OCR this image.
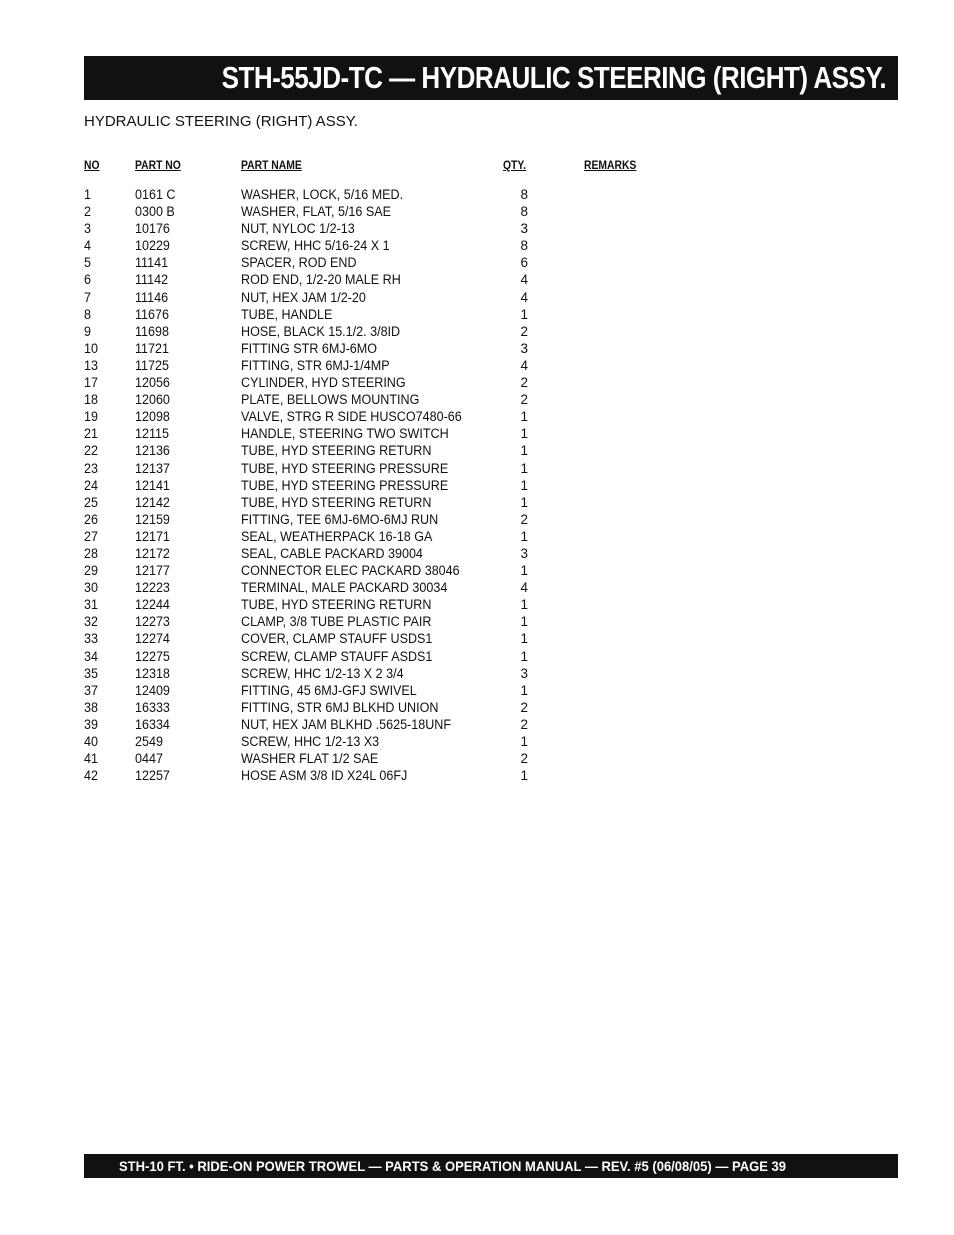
STH-55JD-TC — HYDRAULIC STEERING (RIGHT) ASSY.
HYDRAULIC STEERING (RIGHT) ASSY.
NO	PART NO	PART NAME	QTY.	REMARKS
1	0161 C	WASHER, LOCK, 5/16 MED.	8
2	0300 B	WASHER, FLAT, 5/16 SAE	8
3	10176	NUT, NYLOC 1/2-13	3
4	10229	SCREW, HHC 5/16-24 X 1	8
5	11141	SPACER, ROD END	6
6	11142	ROD END, 1/2-20 MALE RH	4
7	11146	NUT, HEX JAM 1/2-20	4
8	11676	TUBE, HANDLE	1
9	11698	HOSE, BLACK 15.1/2. 3/8ID	2
10	11721	FITTING STR 6MJ-6MO	3
13	11725	FITTING, STR 6MJ-1/4MP	4
17	12056	CYLINDER, HYD STEERING	2
18	12060	PLATE, BELLOWS MOUNTING	2
19	12098	VALVE, STRG R SIDE HUSCO7480-66	1
21	12115	HANDLE, STEERING TWO SWITCH	1
22	12136	TUBE, HYD STEERING RETURN	1
23	12137	TUBE, HYD STEERING PRESSURE	1
24	12141	TUBE, HYD STEERING PRESSURE	1
25	12142	TUBE, HYD STEERING RETURN	1
26	12159	FITTING, TEE 6MJ-6MO-6MJ RUN	2
27	12171	SEAL, WEATHERPACK 16-18 GA	1
28	12172	SEAL, CABLE PACKARD 39004	3
29	12177	CONNECTOR ELEC PACKARD 38046	1
30	12223	TERMINAL, MALE PACKARD 30034	4
31	12244	TUBE, HYD STEERING RETURN	1
32	12273	CLAMP, 3/8 TUBE PLASTIC PAIR	1
33	12274	COVER, CLAMP STAUFF USDS1	1
34	12275	SCREW, CLAMP STAUFF ASDS1	1
35	12318	SCREW, HHC 1/2-13 X 2 3/4	3
37	12409	FITTING, 45 6MJ-GFJ SWIVEL	1
38	16333	FITTING, STR 6MJ BLKHD UNION	2
39	16334	NUT, HEX JAM BLKHD .5625-18UNF	2
40	2549	SCREW, HHC 1/2-13 X3	1
41	0447	WASHER FLAT 1/2 SAE	2
42	12257	HOSE ASM 3/8 ID X24L 06FJ	1
STH-10 FT. • RIDE-ON POWER TROWEL — PARTS & OPERATION MANUAL — REV. #5 (06/08/05) — PAGE 39
